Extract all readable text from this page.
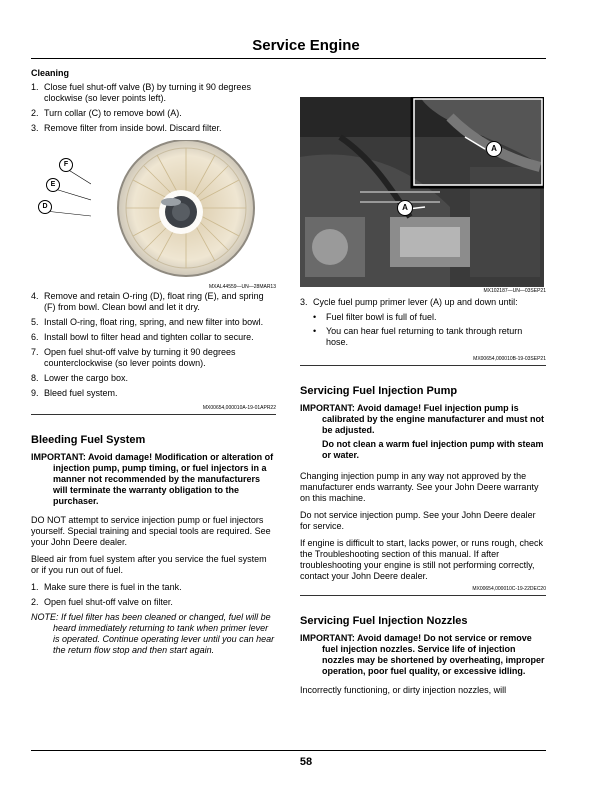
Service Engine

Cleaning

1. Close fuel shut-off valve (B) by turning it 90 degrees clockwise (so lever points left).
2. Turn collar (C) to remove bowl (A).
3. Remove filter from inside bowl. Discard filter.
F
E
D

MXAL44559—UN—28MAR13

4. Remove and retain O-ring (D), float ring (E), and spring (F) from bowl. Clean bowl and let it dry.
5. Install O-ring, float ring, spring, and new filter into bowl.
6. Install bowl to filter head and tighten collar to secure.
7. Open fuel shut-off valve by turning it 90 degrees counterclockwise (so lever points down).
8. Lower the cargo box.
9. Bleed fuel system.

MX00654,000010A-19-01APR22

Bleeding Fuel System

IMPORTANT: Avoid damage! Modification or alteration of injection pump, pump timing, or fuel injectors in a manner not recommended by the manufacturers will terminate the warranty obligation to the purchaser.

DO NOT attempt to service injection pump or fuel injectors yourself. Special training and special tools are required. See your John Deere dealer.

Bleed air from fuel system after you service the fuel system or if you run out of fuel.

1. Make sure there is fuel in the tank.
2. Open fuel shut-off valve on filter.

NOTE: If fuel filter has been cleaned or changed, fuel will be heard immediately returning to tank when primer lever is operated. Continue operating lever until you can hear the return flow stop and then start again.

A
A

MX102187—UN—03SEP21

3. Cycle fuel pump primer lever (A) up and down until:

• Fuel filter bowl is full of fuel.
• You can hear fuel returning to tank through return hose.

MX00654,000010B-19-03SEP21

Servicing Fuel Injection Pump

IMPORTANT: Avoid damage! Fuel injection pump is calibrated by the engine manufacturer and must not be adjusted.

Do not clean a warm fuel injection pump with steam or water.

Changing injection pump in any way not approved by the manufacturer ends warranty. See your John Deere warranty on this machine.

Do not service injection pump. See your John Deere dealer for service.

If engine is difficult to start, lacks power, or runs rough, check the Troubleshooting section of this manual. If after troubleshooting your engine is still not performing correctly, contact your John Deere dealer.

MX00654,000010C-19-22DEC20

Servicing Fuel Injection Nozzles

IMPORTANT: Avoid damage! Do not service or remove fuel injection nozzles. Service life of injection nozzles may be shortened by overheating, improper operation, poor fuel quality, or excessive idling.

Incorrectly functioning, or dirty injection nozzles, will

58
